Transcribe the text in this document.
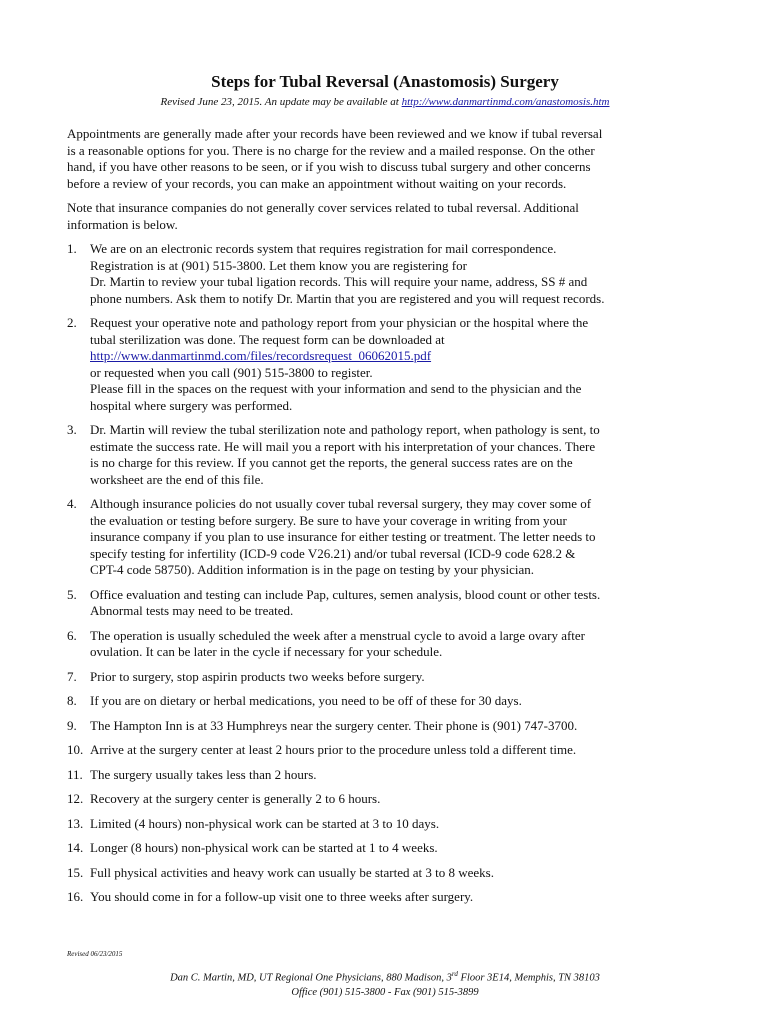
Steps for Tubal Reversal (Anastomosis) Surgery
Revised June 23, 2015. An update may be available at http://www.danmartinmd.com/anastomosis.htm

Appointments are generally made after your records have been reviewed and we know if tubal reversal
is a reasonable options for you. There is no charge for the review and a mailed response. On the other
hand, if you have other reasons to be seen, or if you wish to discuss tubal surgery and other concerns
before a review of your records, you can make an appointment without waiting on your records.

Note that insurance companies do not generally cover services related to tubal reversal. Additional
information is below.

1. We are on an electronic records system that requires registration for mail correspondence.
Registration is at (901) 515-3800. Let them know you are registering for
Dr. Martin to review your tubal ligation records. This will require your name, address, SS # and
phone numbers. Ask them to notify Dr. Martin that you are registered and you will request records.
2. Request your operative note and pathology report from your physician or the hospital where the
tubal sterilization was done. The request form can be downloaded at
http://www.danmartinmd.com/files/recordsrequest_06062015.pdf
or requested when you call (901) 515-3800 to register.
Please fill in the spaces on the request with your information and send to the physician and the
hospital where surgery was performed.
3. Dr. Martin will review the tubal sterilization note and pathology report, when pathology is sent, to
estimate the success rate. He will mail you a report with his interpretation of your chances. There
is no charge for this review. If you cannot get the reports, the general success rates are on the
worksheet are the end of this file.
4. Although insurance policies do not usually cover tubal reversal surgery, they may cover some of
the evaluation or testing before surgery. Be sure to have your coverage in writing from your
insurance company if you plan to use insurance for either testing or treatment. The letter needs to
specify testing for infertility (ICD-9 code V26.21) and/or tubal reversal (ICD-9 code 628.2 &
CPT-4 code 58750). Addition information is in the page on testing by your physician.
5. Office evaluation and testing can include Pap, cultures, semen analysis, blood count or other tests.
Abnormal tests may need to be treated.
6. The operation is usually scheduled the week after a menstrual cycle to avoid a large ovary after
ovulation. It can be later in the cycle if necessary for your schedule.
7. Prior to surgery, stop aspirin products two weeks before surgery.
8. If you are on dietary or herbal medications, you need to be off of these for 30 days.
9. The Hampton Inn is at 33 Humphreys near the surgery center. Their phone is (901) 747-3700.
10. Arrive at the surgery center at least 2 hours prior to the procedure unless told a different time.
11. The surgery usually takes less than 2 hours.
12. Recovery at the surgery center is generally 2 to 6 hours.
13. Limited (4 hours) non-physical work can be started at 3 to 10 days.
14. Longer (8 hours) non-physical work can be started at 1 to 4 weeks.
15. Full physical activities and heavy work can usually be started at 3 to 8 weeks.
16. You should come in for a follow-up visit one to three weeks after surgery.
Revised 06/23/2015
Dan C. Martin, MD, UT Regional One Physicians, 880 Madison, 3rd Floor 3E14, Memphis, TN 38103
Office (901) 515-3800 - Fax (901) 515-3899
